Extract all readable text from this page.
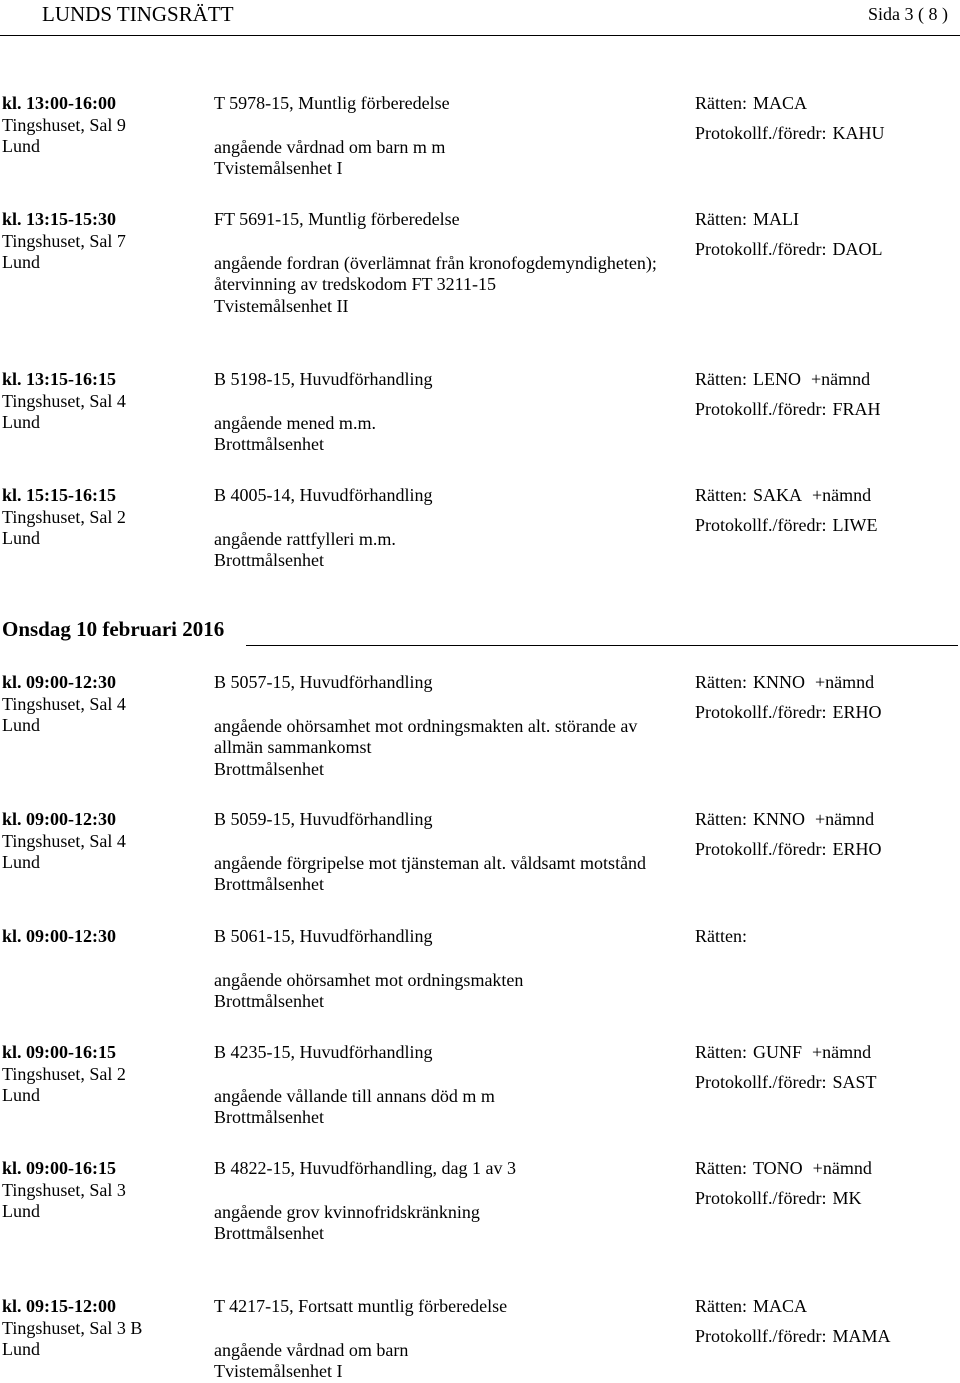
LUNDS TINGSRÄTT	Sida 3 ( 8 )
Onsdag 10 februari 2016
kl. 13:00-16:00
Tingshuset, Sal 9
Lund
T 5978-15, Muntlig förberedelse
angående vårdnad om barn m m
Tvistemålsenhet I
Rätten: MACA
Protokollf./föredr: KAHU
kl. 13:15-15:30
Tingshuset, Sal 7
Lund
FT 5691-15, Muntlig förberedelse
angående fordran (överlämnat från kronofogdemyndigheten); återvinning av tredskodom FT 3211-15
Tvistemålsenhet II
Rätten: MALI
Protokollf./föredr: DAOL
kl. 13:15-16:15
Tingshuset, Sal 4
Lund
B 5198-15, Huvudförhandling
angående mened m.m.
Brottmålsenhet
Rätten: LENO +nämnd
Protokollf./föredr: FRAH
kl. 15:15-16:15
Tingshuset, Sal 2
Lund
B 4005-14, Huvudförhandling
angående rattfylleri m.m.
Brottmålsenhet
Rätten: SAKA +nämnd
Protokollf./föredr: LIWE
kl. 09:00-12:30
Tingshuset, Sal 4
Lund
B 5057-15, Huvudförhandling
angående ohörsamhet mot ordningsmakten alt. störande av allmän sammankomst
Brottmålsenhet
Rätten: KNNO +nämnd
Protokollf./föredr: ERHO
kl. 09:00-12:30
Tingshuset, Sal 4
Lund
B 5059-15, Huvudförhandling
angående förgripelse mot tjänsteman alt. våldsamt motstånd
Brottmålsenhet
Rätten: KNNO +nämnd
Protokollf./föredr: ERHO
kl. 09:00-12:30	B 5061-15, Huvudförhandling
angående ohörsamhet mot ordningsmakten
Brottmålsenhet
Rätten:
kl. 09:00-16:15
Tingshuset, Sal 2
Lund
B 4235-15, Huvudförhandling
angående vållande till annans död m m
Brottmålsenhet
Rätten: GUNF +nämnd
Protokollf./föredr: SAST
kl. 09:00-16:15
Tingshuset, Sal 3
Lund
B 4822-15, Huvudförhandling, dag 1 av 3
angående grov kvinnofridskränkning
Brottmålsenhet
Rätten: TONO +nämnd
Protokollf./föredr: MK
kl. 09:15-12:00
Tingshuset, Sal 3 B
Lund
T 4217-15, Fortsatt muntlig förberedelse
angående vårdnad om barn
Tvistemålsenhet I
Rätten: MACA
Protokollf./föredr: MAMA
